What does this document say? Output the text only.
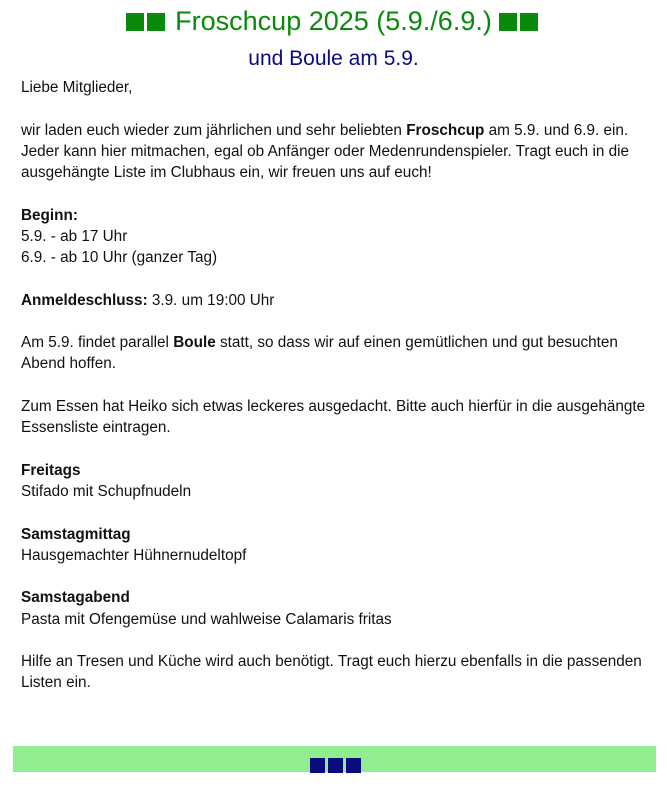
Froschcup 2025 (5.9./6.9.)
und Boule am 5.9.

Liebe Mitglieder,

wir laden euch wieder zum jährlichen und sehr beliebten Froschcup am 5.9. und 6.9. ein.
Jeder kann hier mitmachen, egal ob Anfänger oder Medenrundenspieler. Tragt euch in die ausgehängte Liste im Clubhaus ein, wir freuen uns auf euch!

Beginn:
5.9. - ab 17 Uhr
6.9. - ab 10 Uhr (ganzer Tag)

Anmeldeschluss: 3.9. um 19:00 Uhr

Am 5.9. findet parallel Boule statt, so dass wir auf einen gemütlichen und gut besuchten Abend hoffen.

Zum Essen hat Heiko sich etwas leckeres ausgedacht. Bitte auch hierfür in die ausgehängte Essensliste eintragen.

Freitags
Stifado mit Schupfnudeln

Samstagmittag
Hausgemachter Hühnernudeltopf

Samstagabend
Pasta mit Ofengemüse und wahlweise Calamaris fritas

Hilfe an Tresen und Küche wird auch benötigt. Tragt euch hierzu ebenfalls in die passenden Listen ein.
